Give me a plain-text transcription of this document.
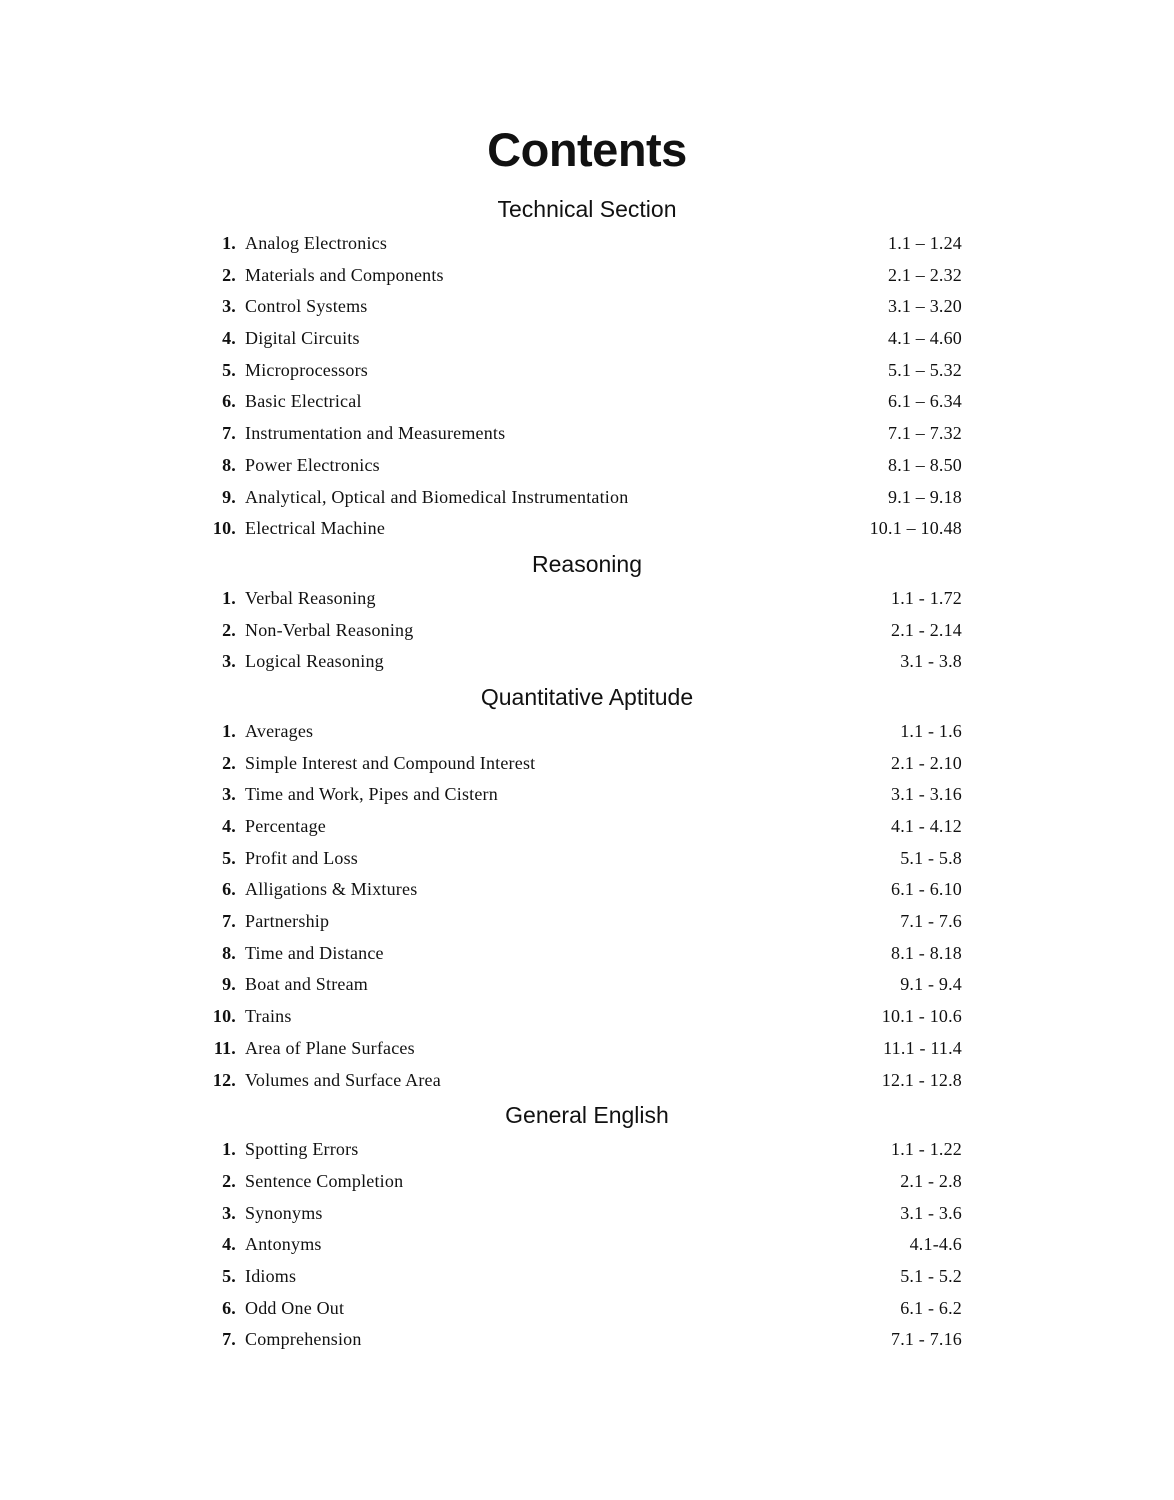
Contents
Technical Section
1. Analog Electronics	1.1 – 1.24
2. Materials and Components	2.1 – 2.32
3. Control Systems	3.1 – 3.20
4. Digital Circuits	4.1 – 4.60
5. Microprocessors	5.1 – 5.32
6. Basic Electrical	6.1 – 6.34
7. Instrumentation and Measurements	7.1 – 7.32
8. Power Electronics	8.1 – 8.50
9. Analytical, Optical and Biomedical Instrumentation	9.1 – 9.18
10. Electrical Machine	10.1 – 10.48
Reasoning
1. Verbal Reasoning	1.1 - 1.72
2. Non-Verbal Reasoning	2.1 - 2.14
3. Logical Reasoning	3.1 - 3.8
Quantitative Aptitude
1. Averages	1.1 - 1.6
2. Simple Interest and Compound Interest	2.1 - 2.10
3. Time and Work, Pipes and Cistern	3.1 - 3.16
4. Percentage	4.1 - 4.12
5. Profit and Loss	5.1 - 5.8
6. Alligations & Mixtures	6.1 - 6.10
7. Partnership	7.1 - 7.6
8. Time and Distance	8.1 - 8.18
9. Boat and Stream	9.1 - 9.4
10. Trains	10.1 - 10.6
11. Area of Plane Surfaces	11.1 - 11.4
12. Volumes and Surface Area	12.1 - 12.8
General English
1. Spotting Errors	1.1 - 1.22
2. Sentence Completion	2.1 - 2.8
3. Synonyms	3.1 - 3.6
4. Antonyms	4.1-4.6
5. Idioms	5.1 - 5.2
6. Odd One Out	6.1 - 6.2
7. Comprehension	7.1 - 7.16
